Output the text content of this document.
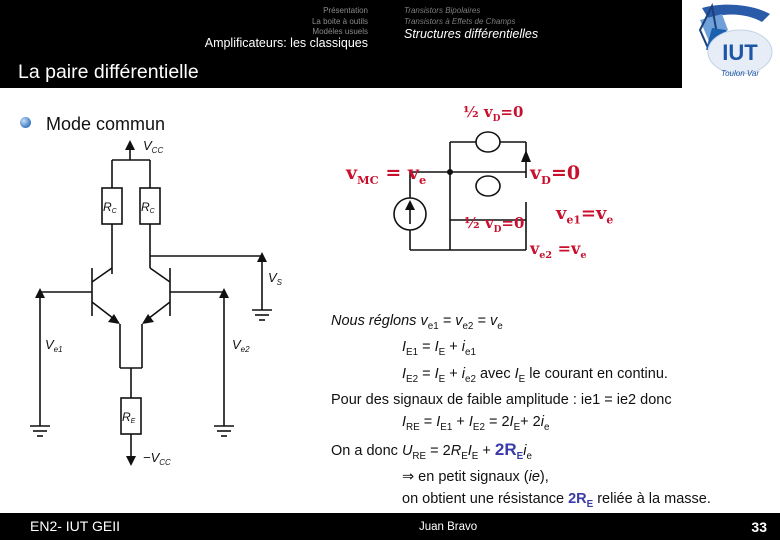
Présentation
La boite à outils
Modèles usuels
Amplificateurs: les classiques
Transistors Bipolaires
Transistors à Effets de Champs
Structures différentielles
La paire différentielle
IUT
Toulon Var
Mode commun
$V_{CC}$
RC RC
$V_S$
$V_{e1}$	$V_{e2}$
RE
$-V_{CC}$
½ $v_D=0$
$v_{MC} = v_e$	$v_D=0$
½ $v_D=0$ $v_{e1}=v_e$
$v_{e2} =v_e$
Nous réglons $v_{e1} = v_{e2} = v_e$
$I_{E1} = I_E + i_{e1}$
$I_{E2} = I_E + i_{e2}$ avec $I_E$ le courant en continu.
Pour des signaux de faible amplitude : ie1 = ie2 donc
$I_{RE} = I_{E1} + I_{E2} = 2I_E+ 2i_e$
On a donc $U_{RE} = 2R_EI_E + 2R_Ei_e$
⇒ en petit signaux (ie),
on obtient une résistance $2R_E$ reliée à la masse.
EN2- IUT GEII	Juan Bravo	33
